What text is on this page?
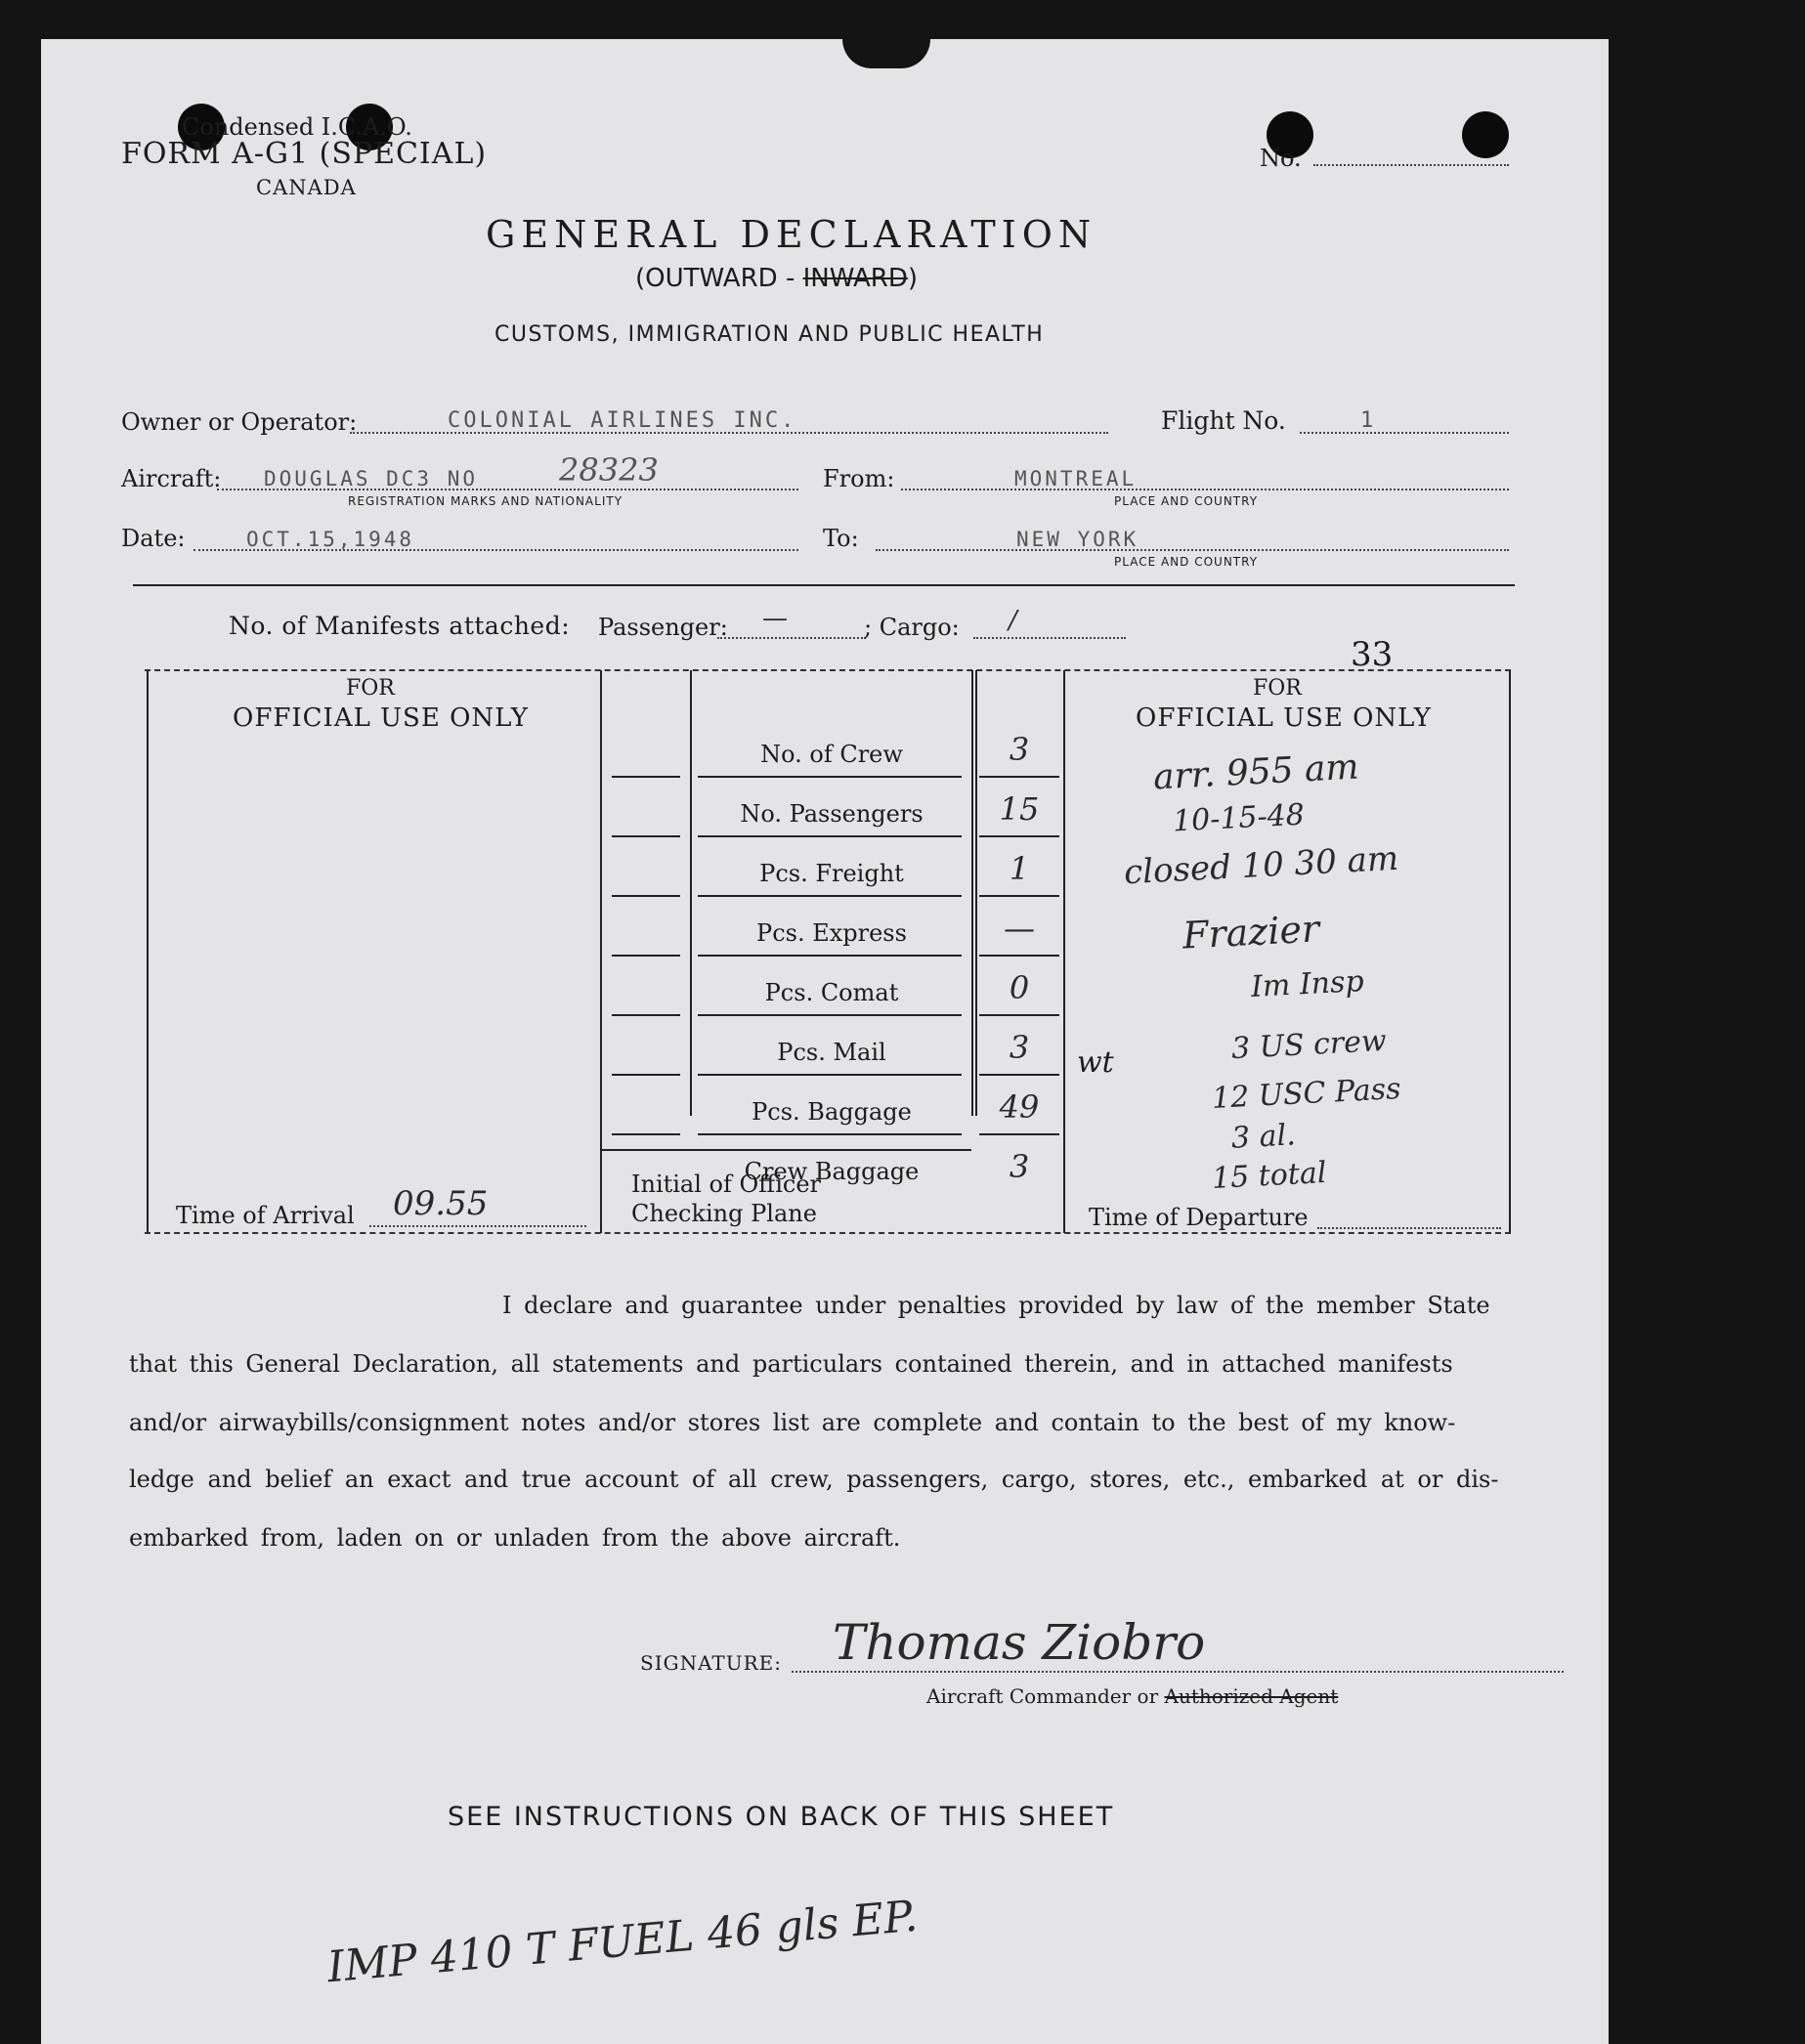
Condensed I.C.A.O.
FORM A-G1 (SPECIAL)
CANADA
No.
GENERAL DECLARATION
(OUTWARD - INWARD)
CUSTOMS, IMMIGRATION AND PUBLIC HEALTH
Owner or Operator:	COLONIAL AIRLINES INC.	Flight No.	1
Aircraft: DOUGLAS DC3 NO	28323
REGISTRATION MARKS AND NATIONALITY
From:	MONTREAL
PLACE AND COUNTRY
Date:	OCT.15,1948	To:	NEW YORK
PLACE AND COUNTRY
No. of Manifests attached: Passenger: —	; Cargo: /
33
FOR
OFFICIAL USE ONLY
Time of Arrival 09.55
FOR
OFFICIAL USE ONLY
Time of Departure
No. of Crew	3
No. Passengers	15
Pcs. Freight	1
Pcs. Express	—
Pcs. Comat	0
Pcs. Mail	3
Pcs. Baggage	49
Crew Baggage	3
wt
Initial of Officer
Checking Plane
arr. 955 am
10-15-48
closed 10 30 am
Frazier
Im Insp
3 US crew
12 USC Pass
3 al.
15 total
I declare and guarantee under penalties provided by law of the member State
that this General Declaration, all statements and particulars contained therein, and in attached manifests
and/or airwaybills/consignment notes and/or stores list are complete and contain to the best of my know-
ledge and belief an exact and true account of all crew, passengers, cargo, stores, etc., embarked at or dis-
embarked from, laden on or unladen from the above aircraft.
SIGNATURE: Thomas Ziobro
Aircraft Commander or Authorized Agent
SEE INSTRUCTIONS ON BACK OF THIS SHEET
IMP 410 T FUEL 46 gls EP.
